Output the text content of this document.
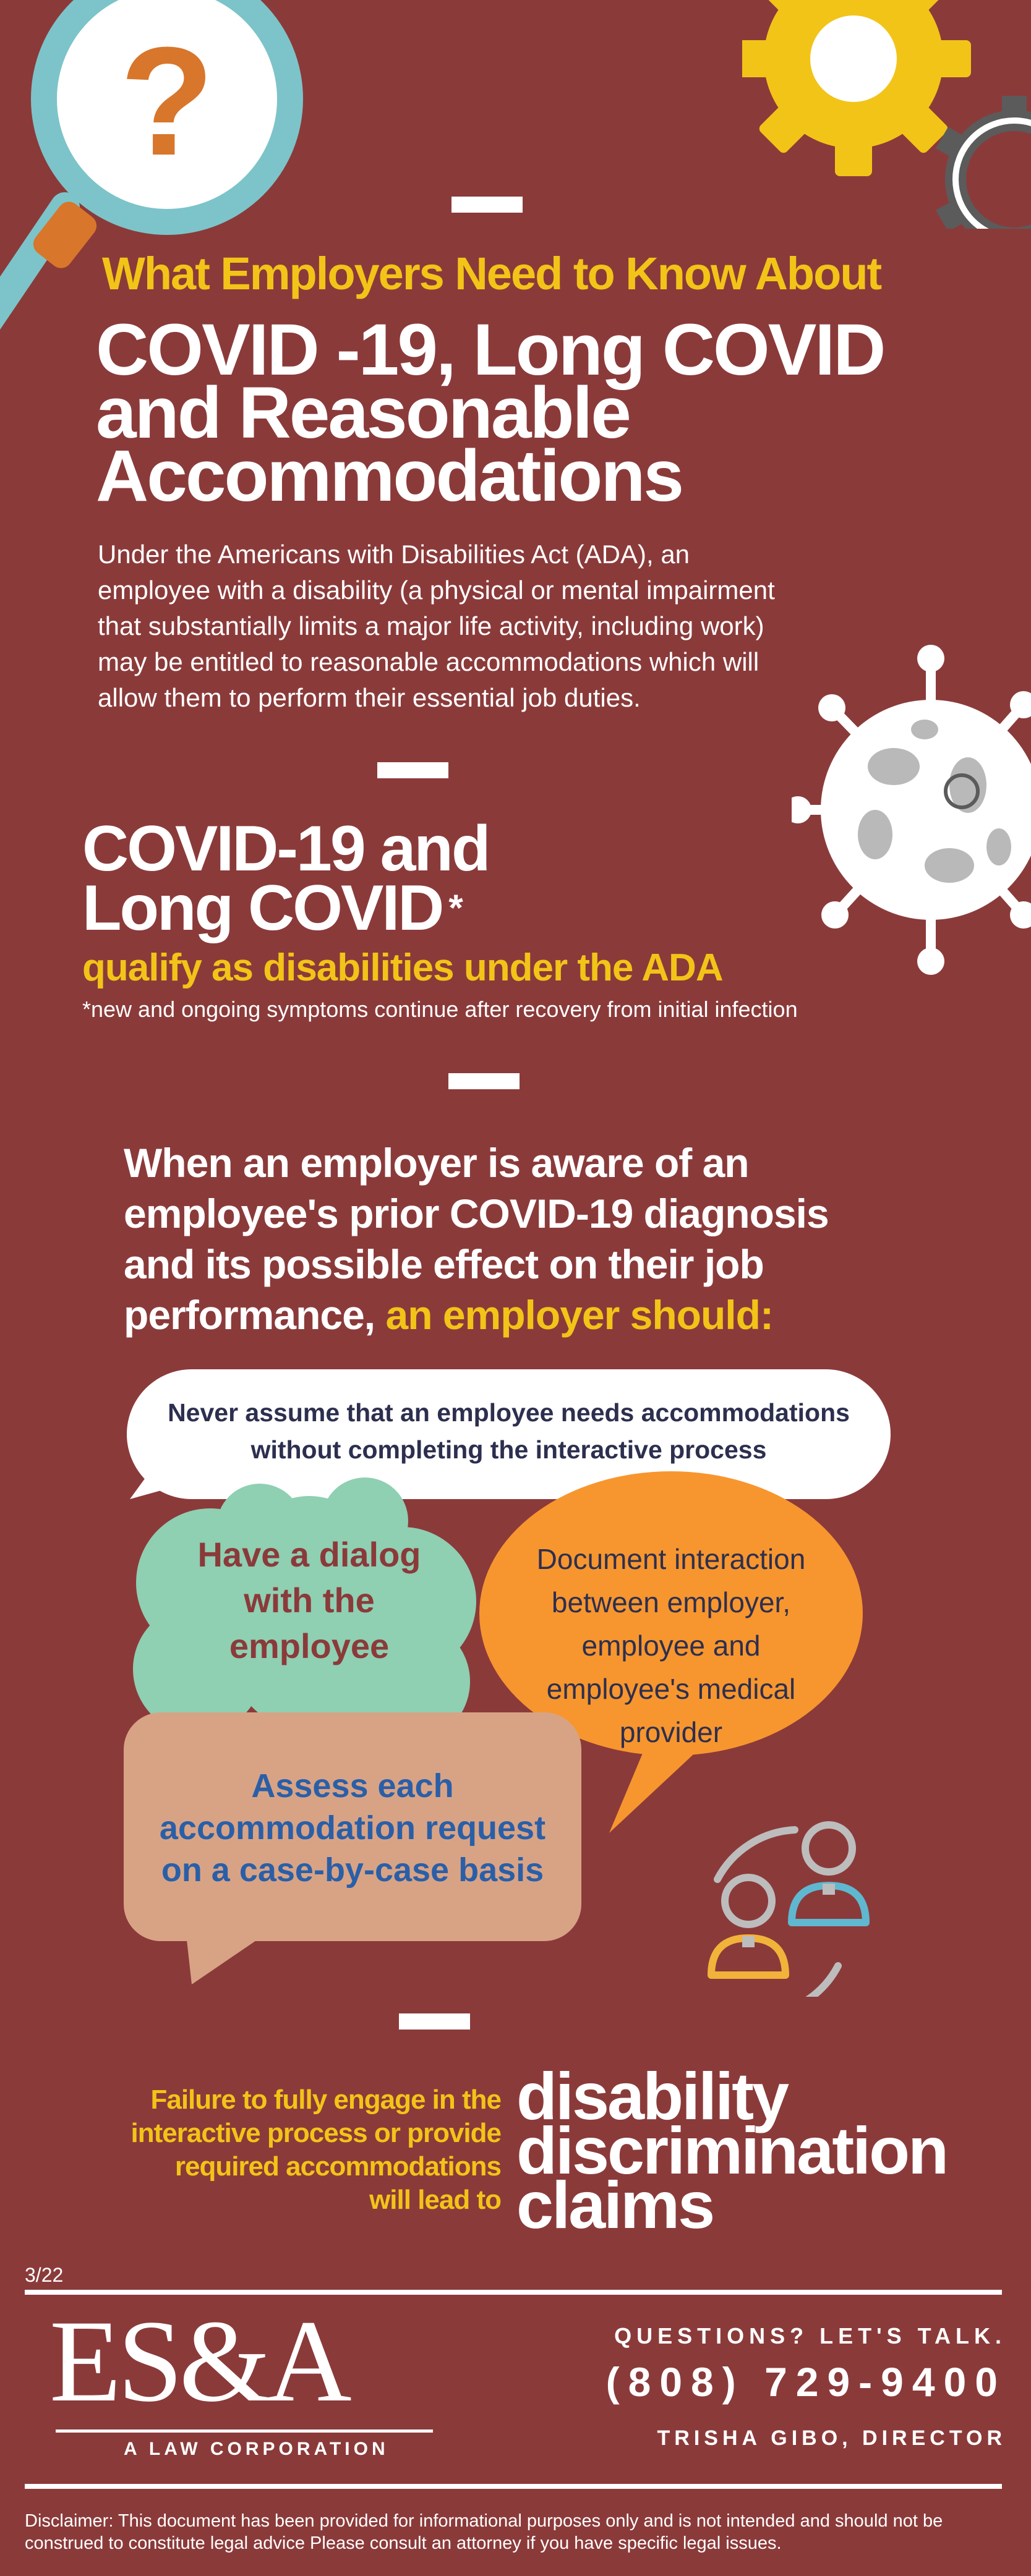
?
What Employers Need to Know About
COVID -19, Long COVID
and Reasonable
Accommodations
Under the Americans with Disabilities Act (ADA), an
employee with a disability (a physical or mental impairment
that substantially limits a major life activity, including work)
may be entitled to reasonable accommodations which will
allow them to perform their essential job duties.
COVID-19 and
Long COVID *
qualify as disabilities under the ADA
*new and ongoing symptoms continue after recovery from initial infection
When an employer is aware of an
employee's prior COVID-19 diagnosis
and its possible effect on their job
performance, an employer should:
Never assume that an employee needs accommodations
without completing the interactive process
Have a dialog
with the
employee
Document interaction
between employer,
employee and
employee's medical
provider
Assess each
accommodation request
on a case-by-case basis
Failure to fully engage in the
interactive process or provide
required accommodations
will lead to
disability
discrimination
claims
3/22
ES&A
A LAW CORPORATION
QUESTIONS? LET'S TALK.
(808) 729-9400
TRISHA GIBO, DIRECTOR
Disclaimer: This document has been provided for informational purposes only and is not intended and should not be
construed to constitute legal advice Please consult an attorney if you have specific legal issues.
